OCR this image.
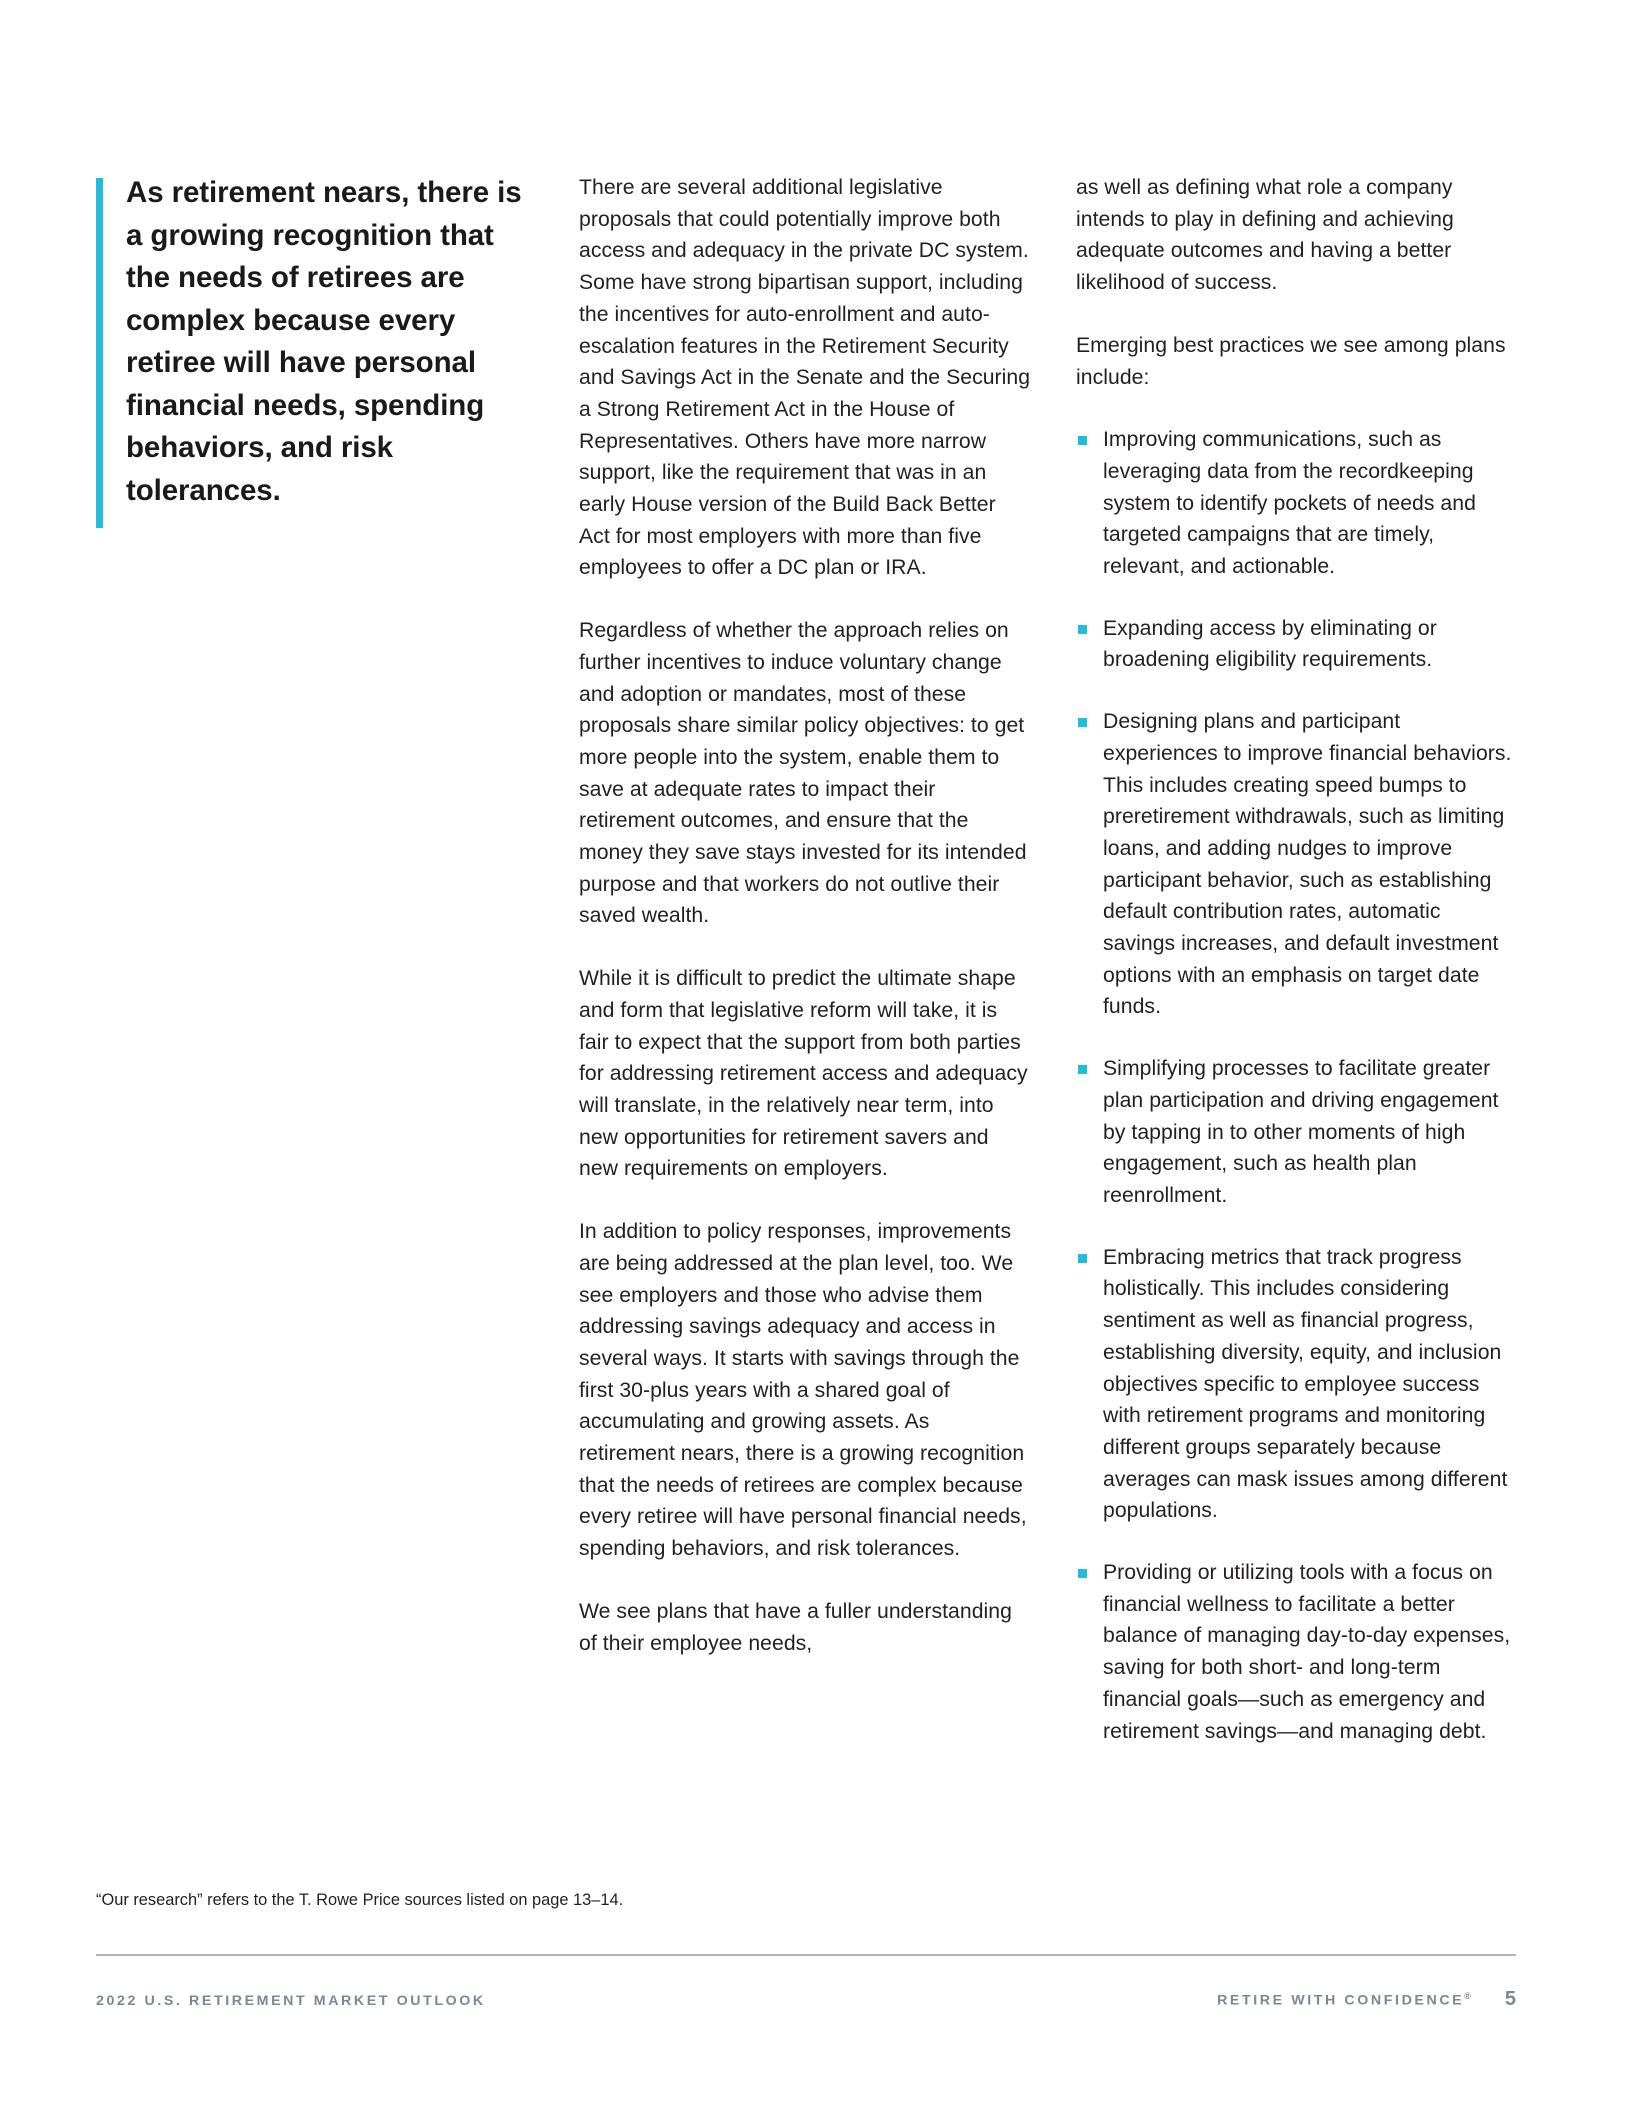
As retirement nears, there is a growing recognition that the needs of retirees are complex because every retiree will have personal financial needs, spending behaviors, and risk tolerances.

There are several additional legislative proposals that could potentially improve both access and adequacy in the private DC system. Some have strong bipartisan support, including the incentives for auto-enrollment and auto-escalation features in the Retirement Security and Savings Act in the Senate and the Securing a Strong Retirement Act in the House of Representatives. Others have more narrow support, like the requirement that was in an early House version of the Build Back Better Act for most employers with more than five employees to offer a DC plan or IRA.

Regardless of whether the approach relies on further incentives to induce voluntary change and adoption or mandates, most of these proposals share similar policy objectives: to get more people into the system, enable them to save at adequate rates to impact their retirement outcomes, and ensure that the money they save stays invested for its intended purpose and that workers do not outlive their saved wealth.

While it is difficult to predict the ultimate shape and form that legislative reform will take, it is fair to expect that the support from both parties for addressing retirement access and adequacy will translate, in the relatively near term, into new opportunities for retirement savers and new requirements on employers.

In addition to policy responses, improvements are being addressed at the plan level, too. We see employers and those who advise them addressing savings adequacy and access in several ways. It starts with savings through the first 30-plus years with a shared goal of accumulating and growing assets. As retirement nears, there is a growing recognition that the needs of retirees are complex because every retiree will have personal financial needs, spending behaviors, and risk tolerances.

We see plans that have a fuller understanding of their employee needs,

as well as defining what role a company intends to play in defining and achieving adequate outcomes and having a better likelihood of success.

Emerging best practices we see among plans include:

Improving communications, such as leveraging data from the recordkeeping system to identify pockets of needs and targeted campaigns that are timely, relevant, and actionable.
Expanding access by eliminating or broadening eligibility requirements.
Designing plans and participant experiences to improve financial behaviors. This includes creating speed bumps to preretirement withdrawals, such as limiting loans, and adding nudges to improve participant behavior, such as establishing default contribution rates, automatic savings increases, and default investment options with an emphasis on target date funds.
Simplifying processes to facilitate greater plan participation and driving engagement by tapping in to other moments of high engagement, such as health plan reenrollment.
Embracing metrics that track progress holistically. This includes considering sentiment as well as financial progress, establishing diversity, equity, and inclusion objectives specific to employee success with retirement programs and monitoring different groups separately because averages can mask issues among different populations.
Providing or utilizing tools with a focus on financial wellness to facilitate a better balance of managing day-to-day expenses, saving for both short- and long-term financial goals—such as emergency and retirement savings—and managing debt.

“Our research” refers to the T. Rowe Price sources listed on page 13–14.

2022 U.S. RETIREMENT MARKET OUTLOOK	RETIRE WITH CONFIDENCE® 5
